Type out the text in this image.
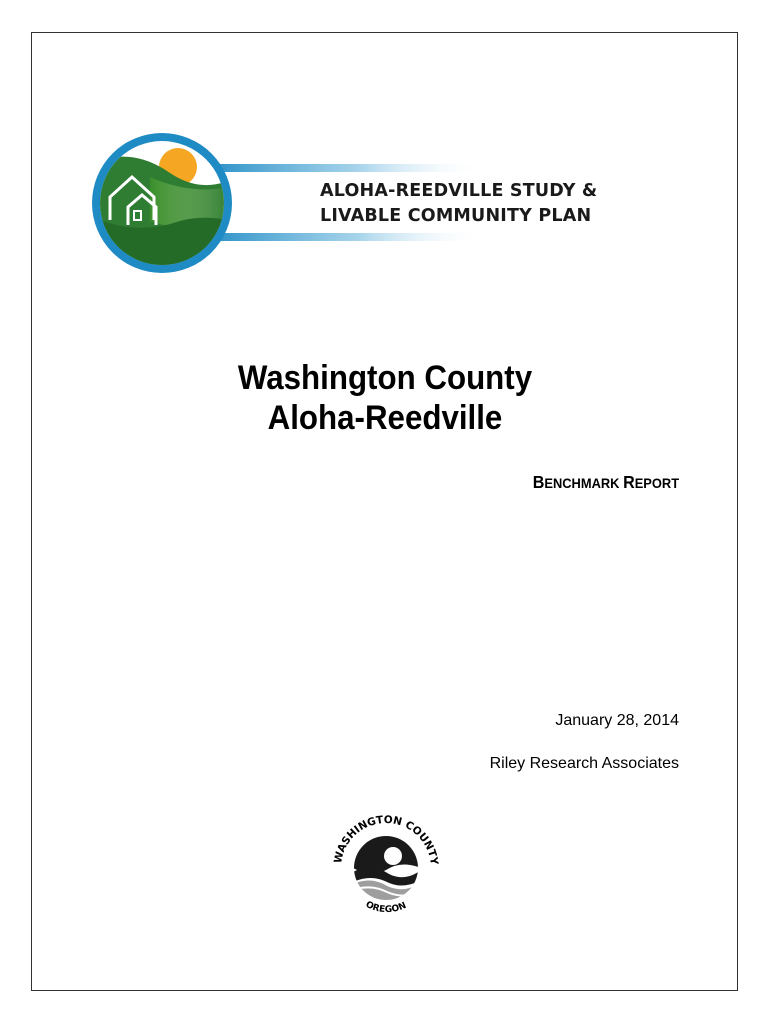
ALOHA-REEDVILLE STUDY &
LIVABLE COMMUNITY PLAN

Washington County

Aloha-Reedville

BENCHMARK REPORT
January 28, 2014
Riley Research Associates
WASHINGTON COUNTY
OREGON
